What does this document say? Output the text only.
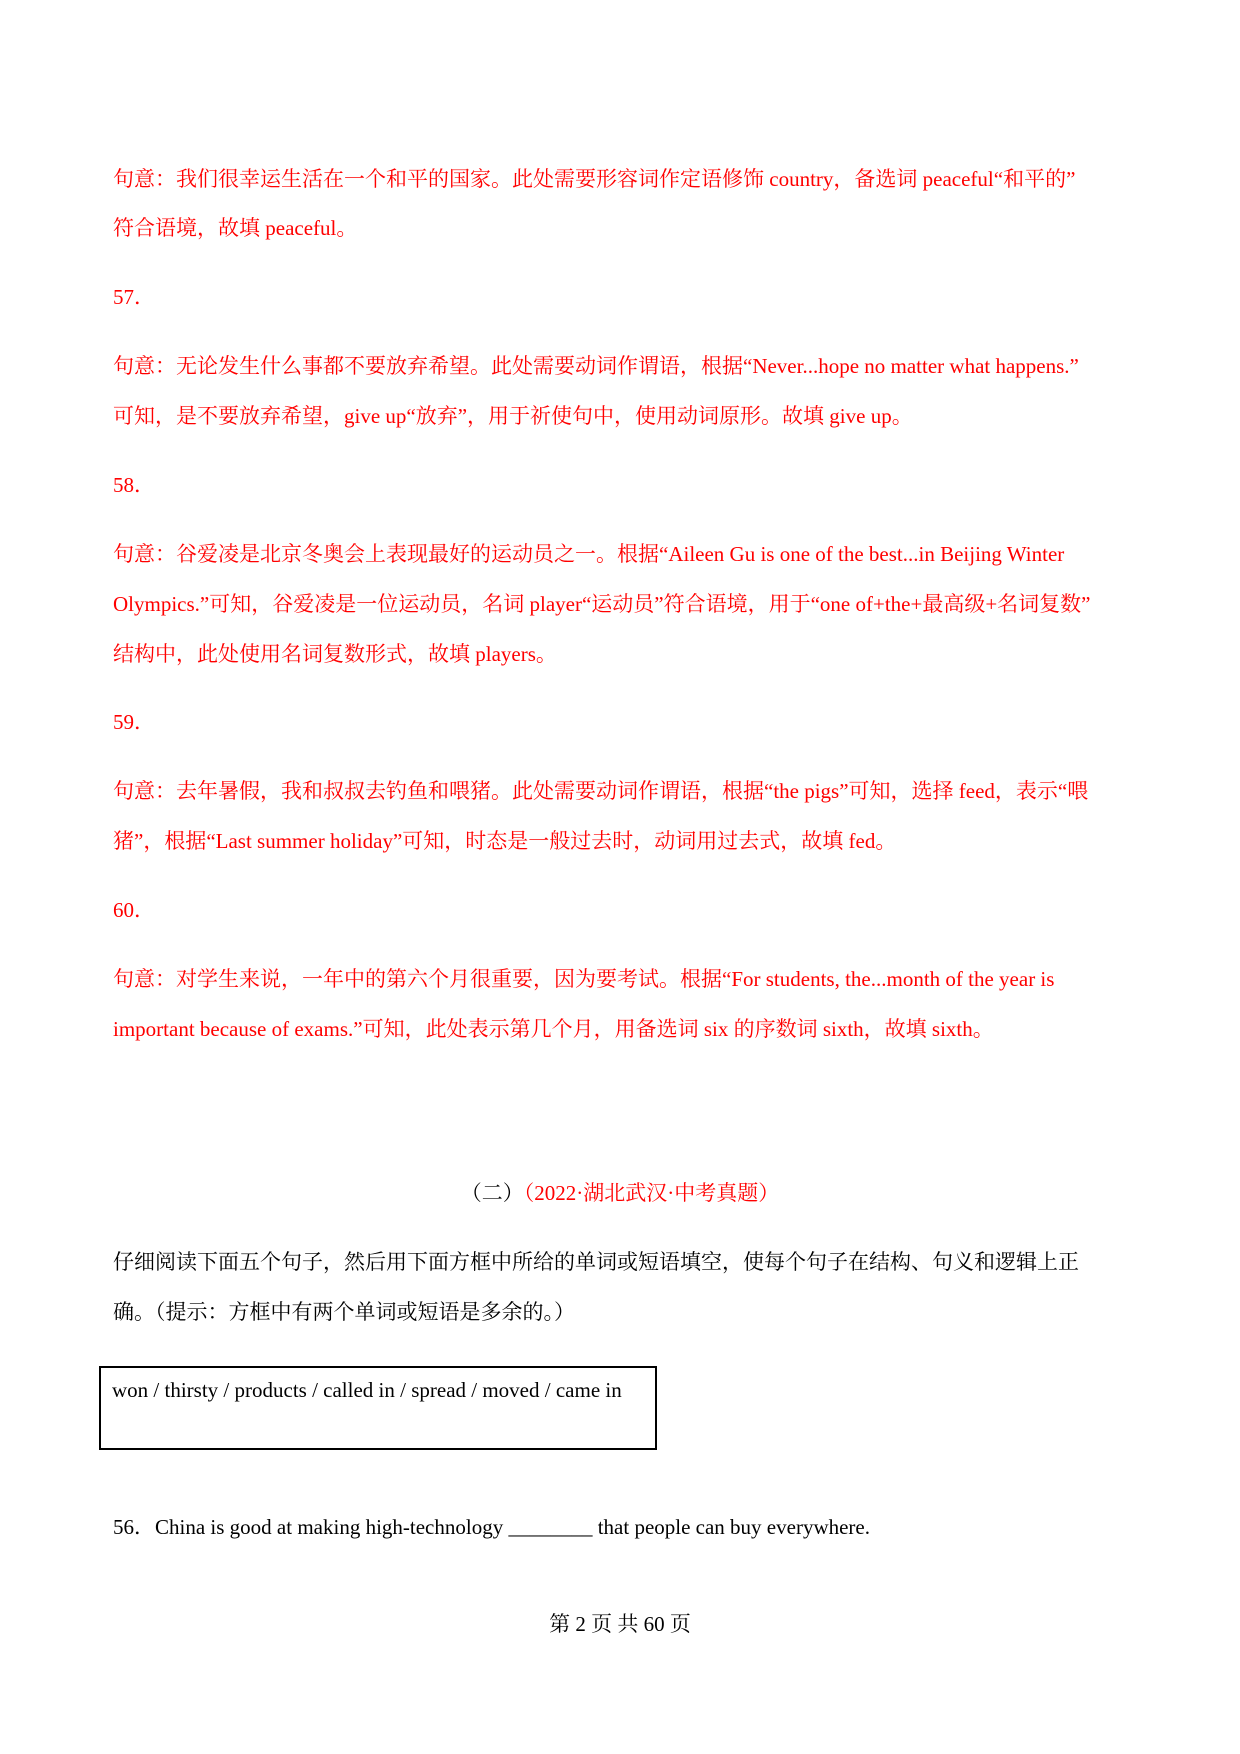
句意：我们很幸运生活在一个和平的国家。此处需要形容词作定语修饰 country，备选词 peaceful“和平的”
符合语境，故填 peaceful。
57．
句意：无论发生什么事都不要放弃希望。此处需要动词作谓语，根据“Never...hope no matter what happens.”
可知，是不要放弃希望，give up“放弃”，用于祈使句中，使用动词原形。故填 give up。
58．
句意：谷爱凌是北京冬奥会上表现最好的运动员之一。根据“Aileen Gu is one of the best...in Beijing Winter
Olympics.”可知，谷爱凌是一位运动员，名词 player“运动员”符合语境，用于“one of+the+最高级+名词复数”
结构中，此处使用名词复数形式，故填 players。
59．
句意：去年暑假，我和叔叔去钓鱼和喂猪。此处需要动词作谓语，根据“the pigs”可知，选择 feed，表示“喂
猪”，根据“Last summer holiday”可知，时态是一般过去时，动词用过去式，故填 fed。
60．
句意：对学生来说，一年中的第六个月很重要，因为要考试。根据“For students, the...month of the year is
important because of exams.”可知，此处表示第几个月，用备选词 six 的序数词 sixth，故填 sixth。
（二）（2022·湖北武汉·中考真题）
仔细阅读下面五个句子，然后用下面方框中所给的单词或短语填空，使每个句子在结构、句义和逻辑上正
确。（提示：方框中有两个单词或短语是多余的。）
won / thirsty / products / called in / spread / moved / came in
56．China is good at making high-technology ________ that people can buy everywhere.
第 2 页 共 60 页
